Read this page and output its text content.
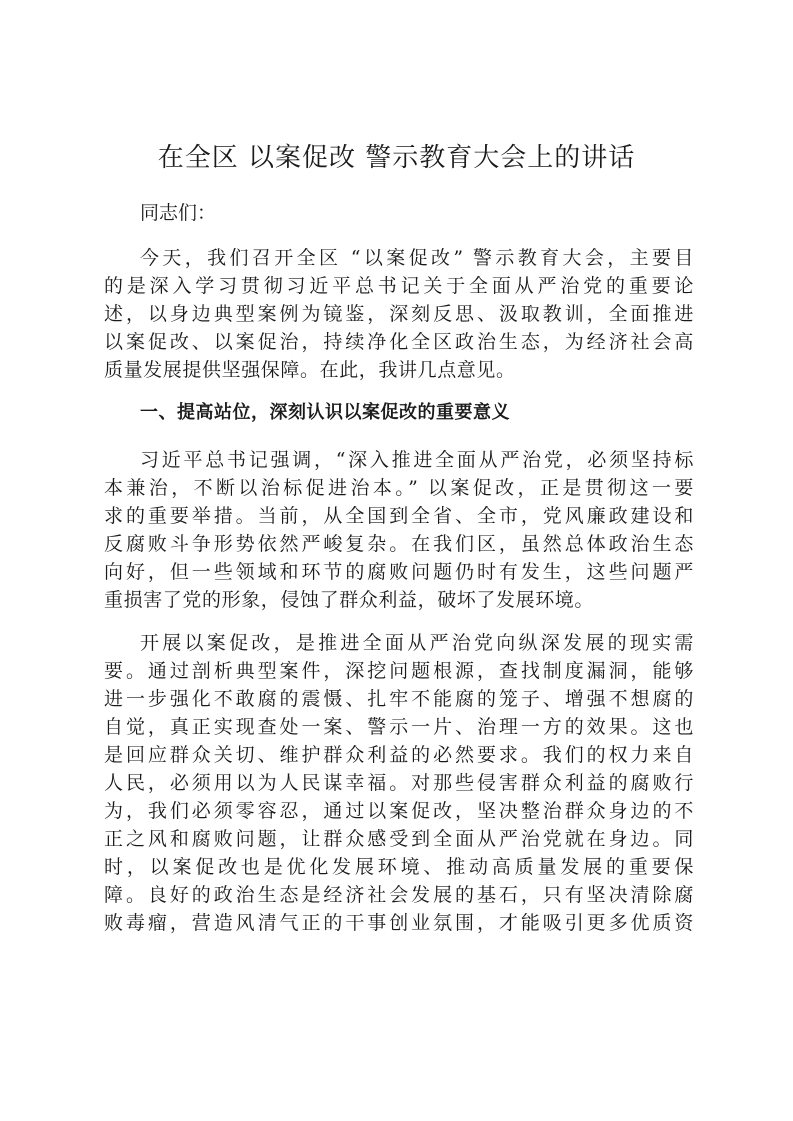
在全区 以案促改 警示教育大会上的讲话

同志们：

今天，我们召开全区 “以案促改” 警示教育大会，主要目

的是深入学习贯彻习近平总书记关于全面从严治党的重要论

述，以身边典型案例为镜鉴，深刻反思、汲取教训，全面推进

以案促改、以案促治，持续净化全区政治生态，为经济社会高

质量发展提供坚强保障。在此，我讲几点意见。

一、提高站位，深刻认识以案促改的重要意义

习近平总书记强调，“深入推进全面从严治党，必须坚持标

本兼治，不断以治标促进治本。” 以案促改，正是贯彻这一要

求的重要举措。当前，从全国到全省、全市，党风廉政建设和

反腐败斗争形势依然严峻复杂。在我们区，虽然总体政治生态

向好，但一些领域和环节的腐败问题仍时有发生，这些问题严

重损害了党的形象，侵蚀了群众利益，破坏了发展环境。

开展以案促改，是推进全面从严治党向纵深发展的现实需

要。通过剖析典型案件，深挖问题根源，查找制度漏洞，能够

进一步强化不敢腐的震慑、扎牢不能腐的笼子、增强不想腐的

自觉，真正实现查处一案、警示一片、治理一方的效果。这也

是回应群众关切、维护群众利益的必然要求。我们的权力来自

人民，必须用以为人民谋幸福。对那些侵害群众利益的腐败行

为，我们必须零容忍，通过以案促改，坚决整治群众身边的不

正之风和腐败问题，让群众感受到全面从严治党就在身边。同

时，以案促改也是优化发展环境、推动高质量发展的重要保

障。良好的政治生态是经济社会发展的基石，只有坚决清除腐

败毒瘤，营造风清气正的干事创业氛围，才能吸引更多优质资
